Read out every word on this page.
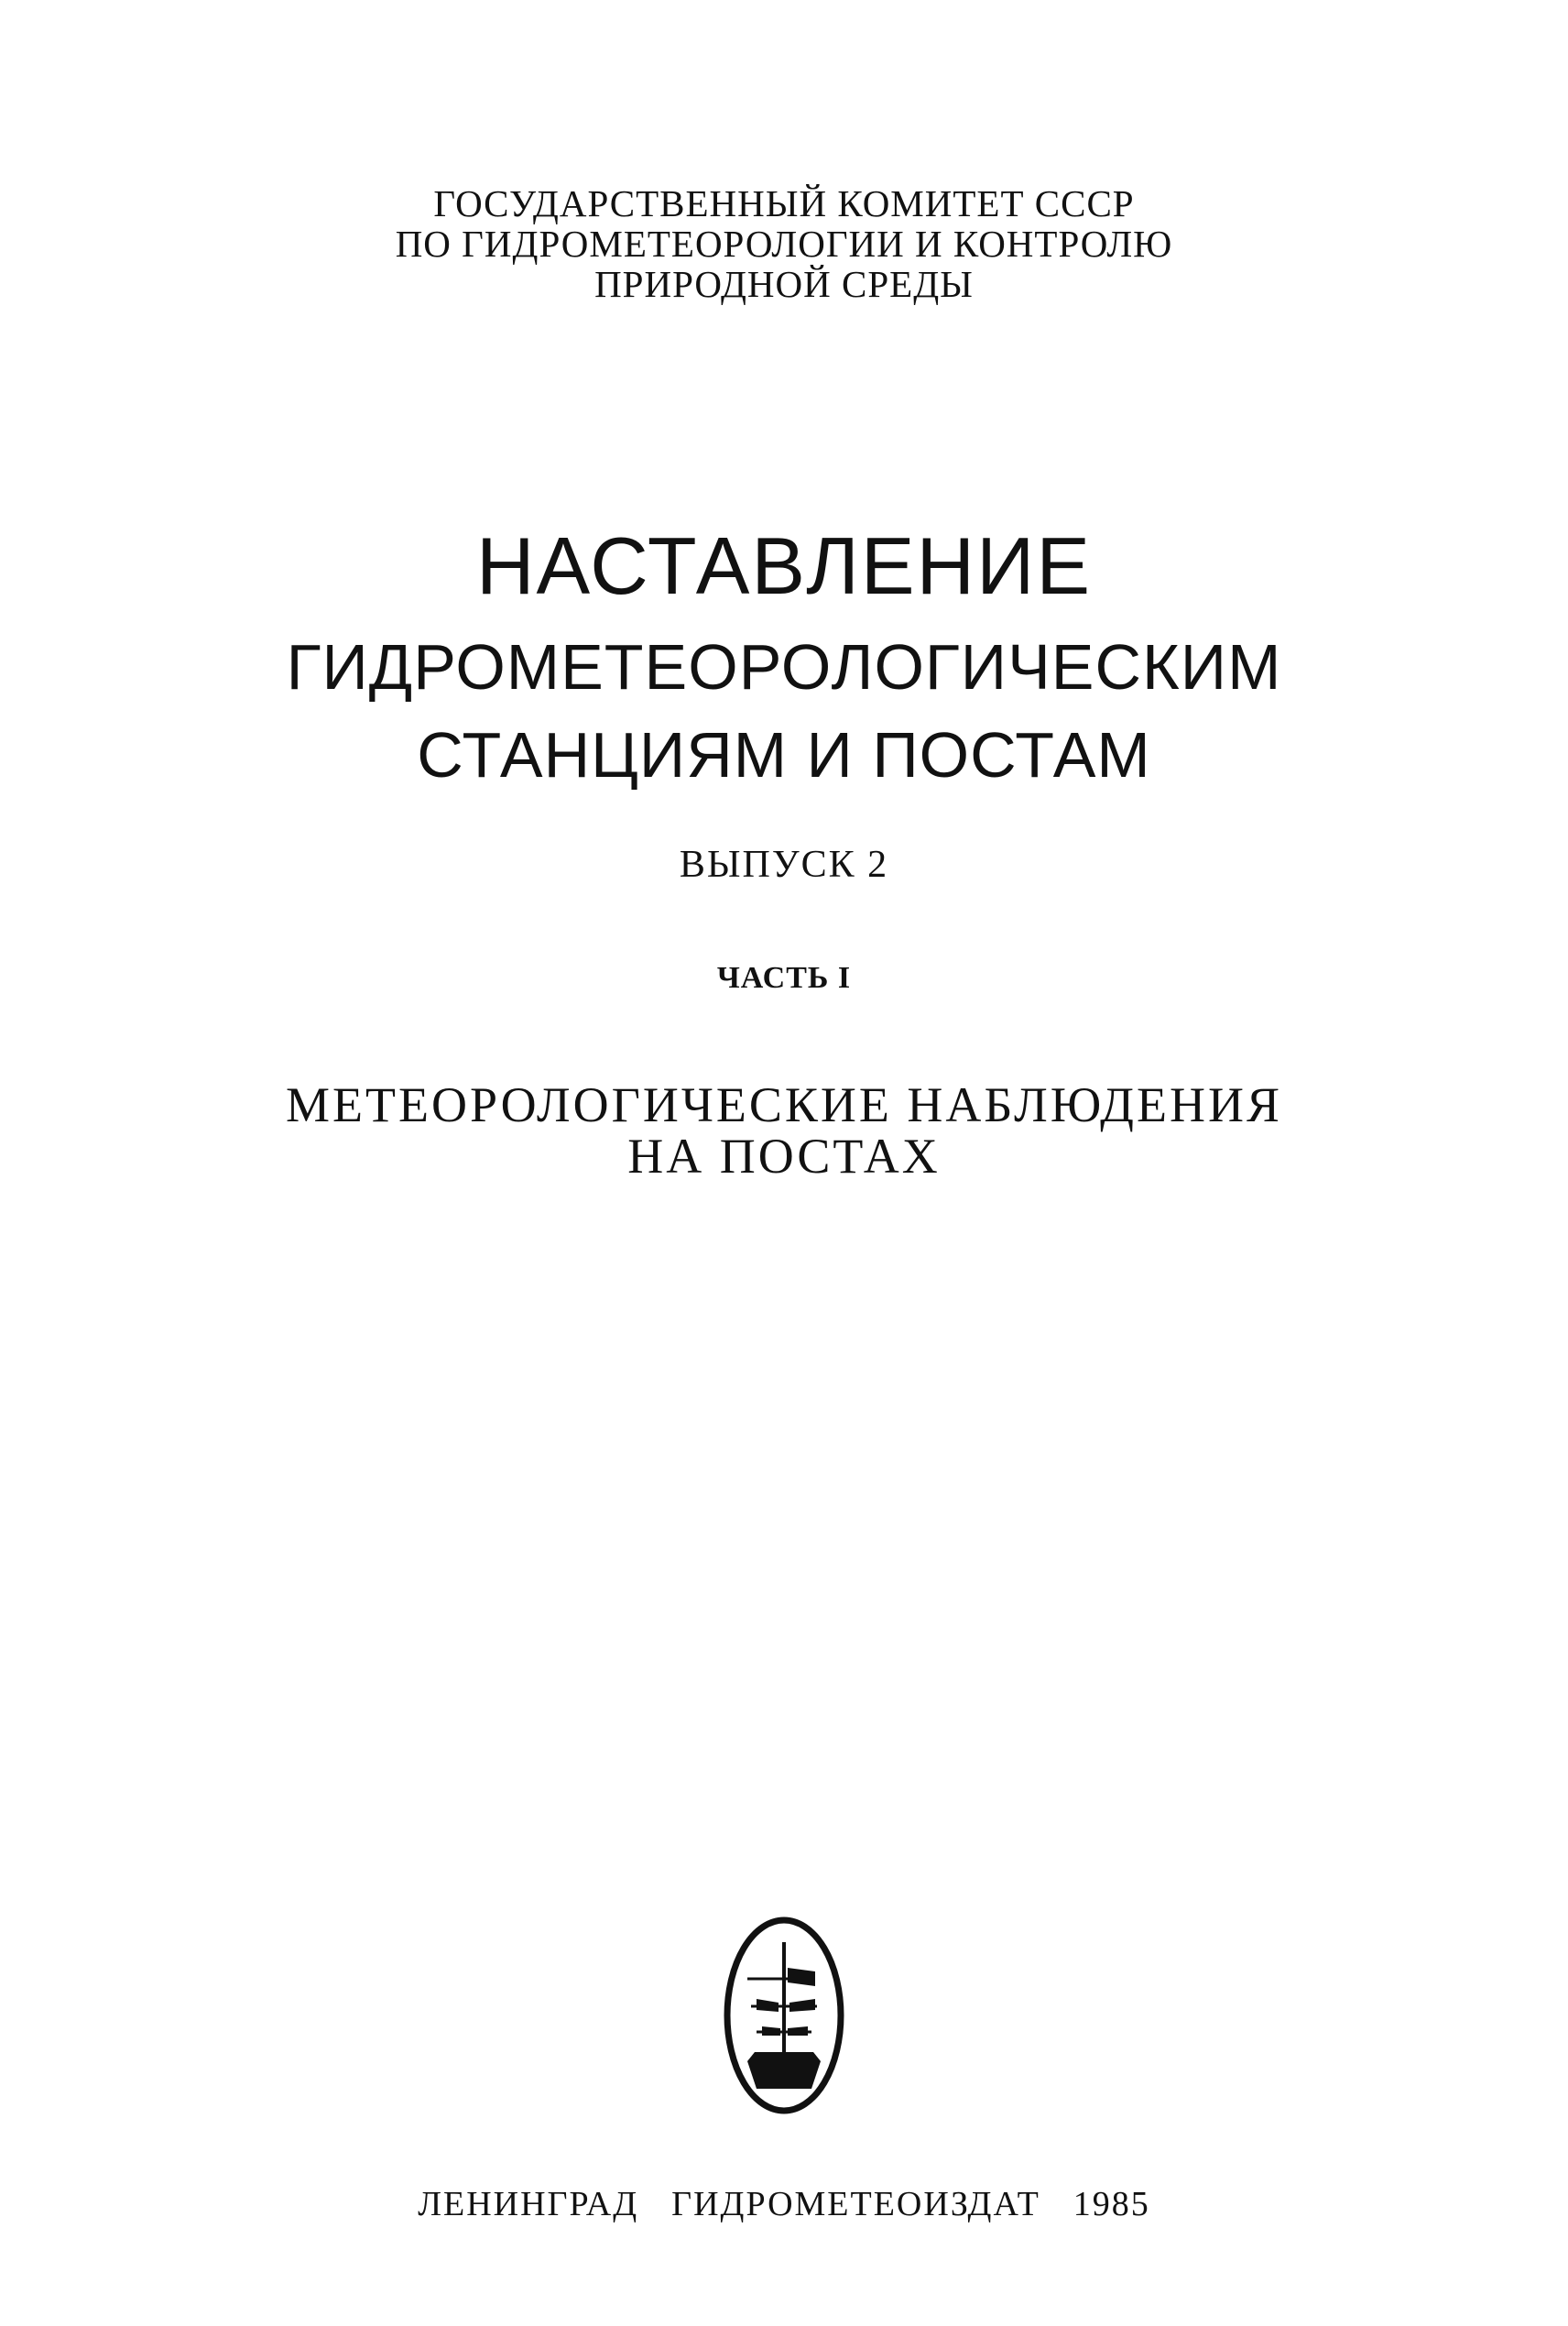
ГОСУДАРСТВЕННЫЙ КОМИТЕТ СССР

ПО ГИДРОМЕТЕОРОЛОГИИ И КОНТРОЛЮ

ПРИРОДНОЙ СРЕДЫ

НАСТАВЛЕНИЕ

ГИДРОМЕТЕОРОЛОГИЧЕСКИМ

СТАНЦИЯМ И ПОСТАМ

ВЫПУСК 2

ЧАСТЬ I

МЕТЕОРОЛОГИЧЕСКИЕ НАБЛЮДЕНИЯ

НА ПОСТАХ

ЛЕНИНГРАД ГИДРОМЕТЕОИЗДАТ 1985
